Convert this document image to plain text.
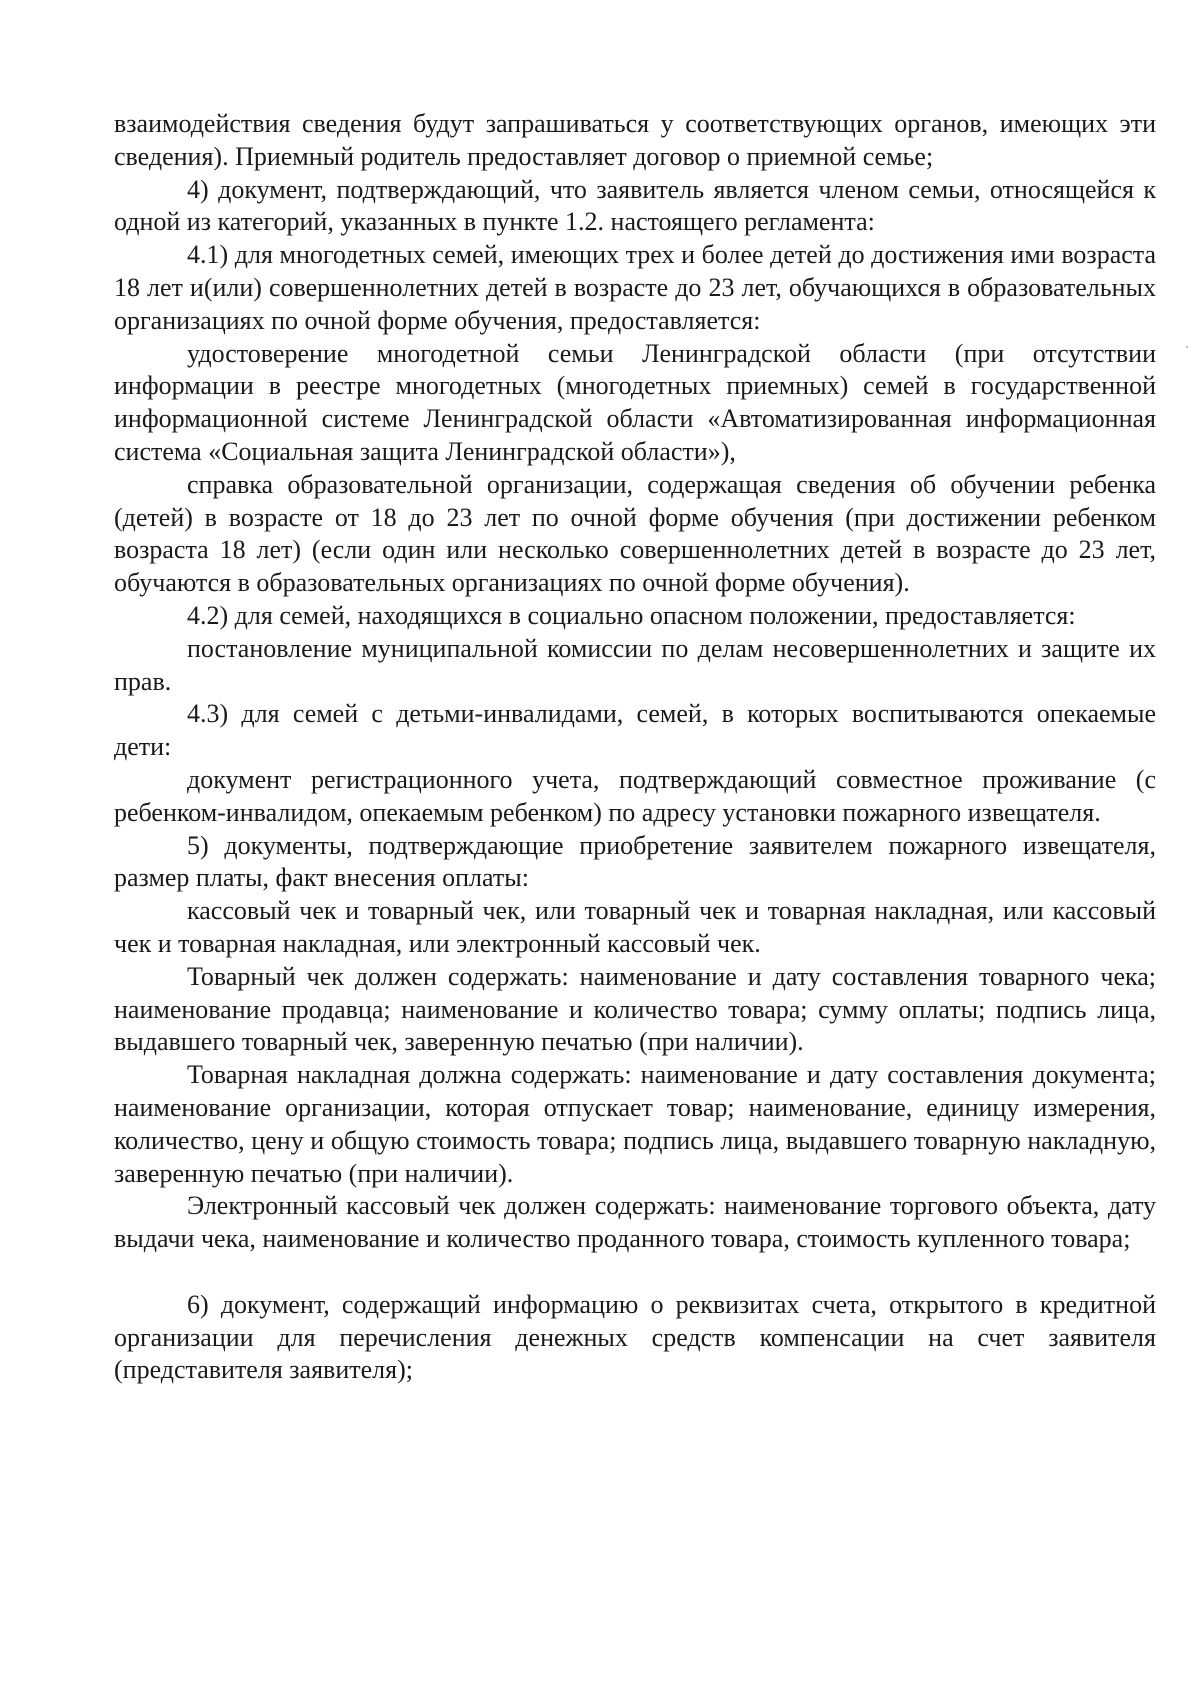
взаимодействия сведения будут запрашиваться у соответствующих органов, имеющих эти сведения). Приемный родитель предоставляет договор о приемной семье;

4) документ, подтверждающий, что заявитель является членом семьи, относящейся к одной из категорий, указанных в пункте 1.2. настоящего регламента:

4.1) для многодетных семей, имеющих трех и более детей до достижения ими возраста 18 лет и(или) совершеннолетних детей в возрасте до 23 лет, обучающихся в образовательных организациях по очной форме обучения, предоставляется:

удостоверение многодетной семьи Ленинградской области (при отсутствии информации в реестре многодетных (многодетных приемных) семей в государственной информационной системе Ленинградской области «Автоматизированная информационная система «Социальная защита Ленинградской области»),

справка образовательной организации, содержащая сведения об обучении ребенка (детей) в возрасте от 18 до 23 лет по очной форме обучения (при достижении ребенком возраста 18 лет) (если один или несколько совершеннолетних детей в возрасте до 23 лет, обучаются в образовательных организациях по очной форме обучения).

4.2) для семей, находящихся в социально опасном положении, предоставляется:

постановление муниципальной комиссии по делам несовершеннолетних и защите их прав.

4.3) для семей с детьми-инвалидами, семей, в которых воспитываются опекаемые дети:

документ регистрационного учета, подтверждающий совместное проживание (с ребенком-инвалидом, опекаемым ребенком) по адресу установки пожарного извещателя.

5) документы, подтверждающие приобретение заявителем пожарного извещателя, размер платы, факт внесения оплаты:

кассовый чек и товарный чек, или товарный чек и товарная накладная, или кассовый чек и товарная накладная, или электронный кассовый чек.

Товарный чек должен содержать: наименование и дату составления товарного чека; наименование продавца; наименование и количество товара; сумму оплаты; подпись лица, выдавшего товарный чек, заверенную печатью (при наличии).

Товарная накладная должна содержать: наименование и дату составления документа; наименование организации, которая отпускает товар; наименование, единицу измерения, количество, цену и общую стоимость товара; подпись лица, выдавшего товарную накладную, заверенную печатью (при наличии).

Электронный кассовый чек должен содержать: наименование торгового объекта, дату выдачи чека, наименование и количество проданного товара, стоимость купленного товара;

6) документ, содержащий информацию о реквизитах счета, открытого в кредитной организации для перечисления денежных средств компенсации на счет заявителя (представителя заявителя);
